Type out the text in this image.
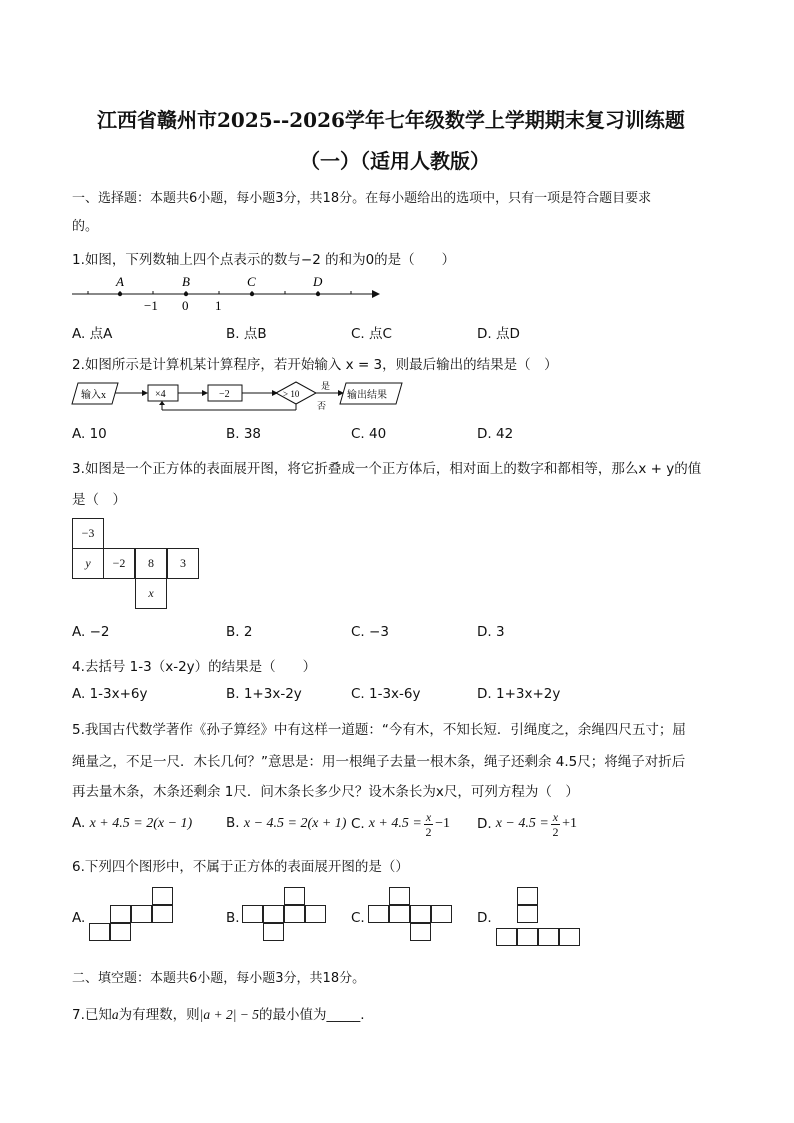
江西省赣州市2025--2026学年七年级数学上学期期末复习训练题
（一）（适用人教版）
一、选择题：本题共6小题，每小题3分，共18分。在每小题给出的选项中，只有一项是符合题目要求
的。
1.如图，下列数轴上四个点表示的数与−2 的和为0的是（　　）
A	B	C	D
−1 0 1
A. 点A	B. 点B	C. 点C	D. 点D
2.如图所示是计算机某计算程序，若开始输入 x = 3，则最后输出的结果是（　）
输入x	×4	−2	> 10
是
否
输出结果
A. 10	B. 38	C. 40	D. 42
3.如图是一个正方体的表面展开图，将它折叠成一个正方体后，相对面上的数字和都相等，那么x + y的值
是（　）
−3
y	−2	8	3
x
A. −2	B. 2	C. −3	D. 3
4.去括号 1-3（x-2y）的结果是（　　）
A. 1-3x+6y	B. 1+3x-2y	C. 1-3x-6y	D. 1+3x+2y
5.我国古代数学著作《孙子算经》中有这样一道题：“今有木，不知长短．引绳度之，余绳四尺五寸；屈
绳量之，不足一尺．木长几何？”意思是：用一根绳子去量一根木条，绳子还剩余 4.5尺；将绳子对折后
再去量木条，木条还剩余 1尺．问木条长多少尺？设木条长为x尺，可列方程为（　）
A. x + 4.5 = 2(x − 1)	B. x − 4.5 = 2(x + 1) C. $x + 4.5 = \frac{x}{2} -1$ D. $x - 4.5 = \frac{x}{2} +1$
6.下列四个图形中，不属于正方体的表面展开图的是（）
A.	B.	C.	D.
二、填空题：本题共6小题，每小题3分，共18分。
7.已知a为有理数，则|a + 2| − 5的最小值为_____.
